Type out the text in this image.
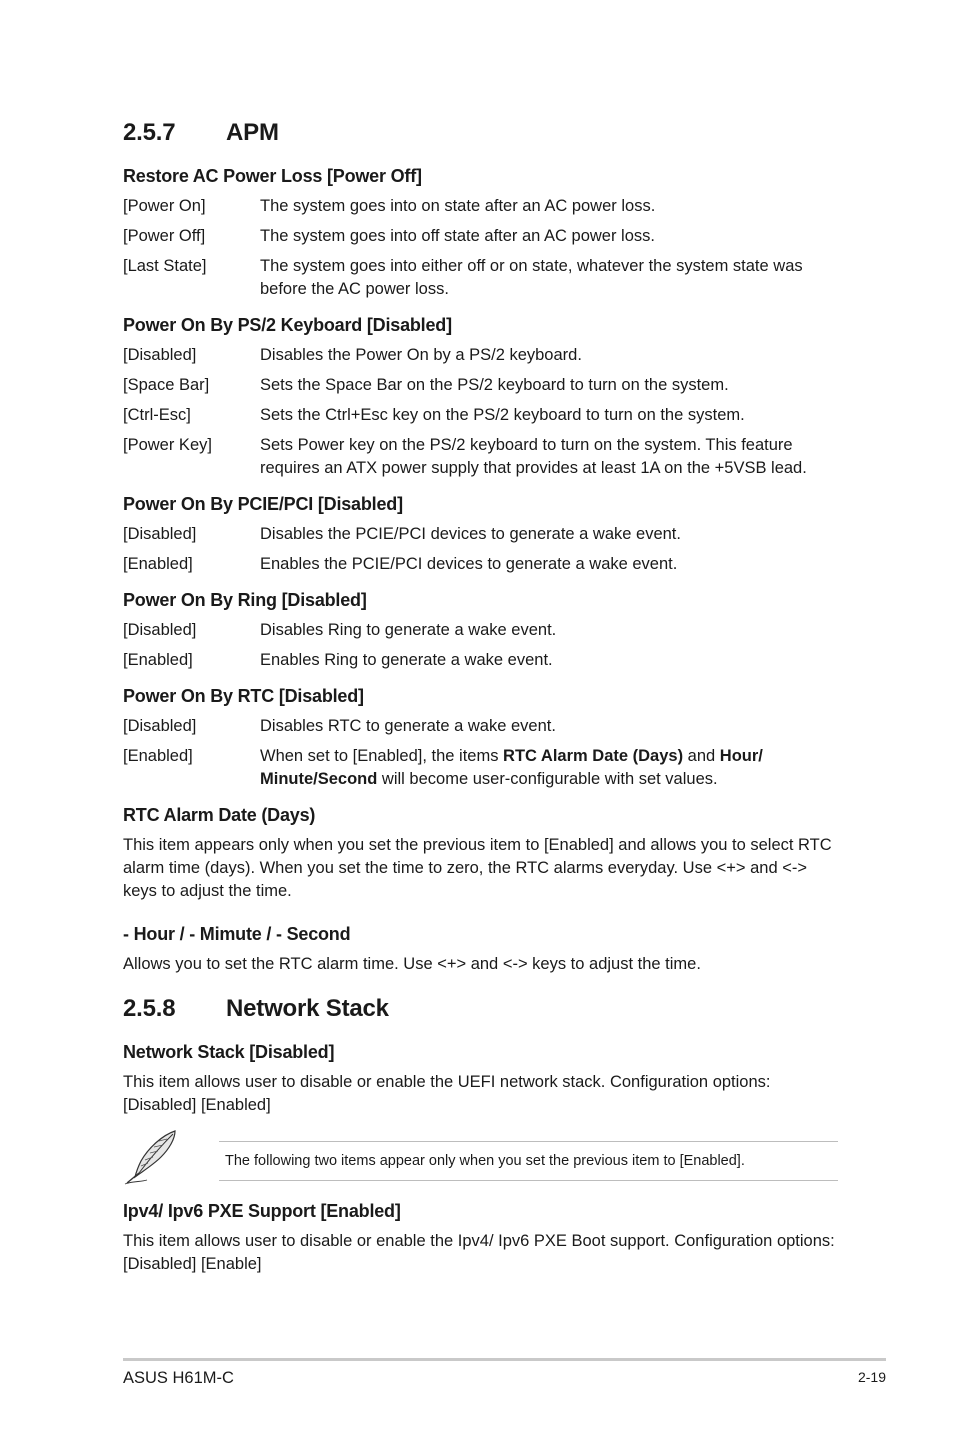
2.5.7 APM
Restore AC Power Loss [Power Off]
[Power On]	The system goes into on state after an AC power loss.
[Power Off]	The system goes into off state after an AC power loss.
[Last State]	The system goes into either off or on state, whatever the system state was before the AC power loss.
Power On By PS/2 Keyboard [Disabled]
[Disabled]	Disables the Power On by a PS/2 keyboard.
[Space Bar]	Sets the Space Bar on the PS/2 keyboard to turn on the system.
[Ctrl-Esc]	Sets the Ctrl+Esc key on the PS/2 keyboard to turn on the system.
[Power Key]	Sets Power key on the PS/2 keyboard to turn on the system. This feature requires an ATX power supply that provides at least 1A on the +5VSB lead.
Power On By PCIE/PCI [Disabled]
[Disabled]	Disables the PCIE/PCI devices to generate a wake event.
[Enabled]	Enables the PCIE/PCI devices to generate a wake event.
Power On By Ring [Disabled]
[Disabled]	Disables Ring to generate a wake event.
[Enabled]	Enables Ring to generate a wake event.
Power On By RTC [Disabled]
[Disabled]	Disables RTC to generate a wake event.
[Enabled]	When set to [Enabled], the items RTC Alarm Date (Days) and Hour/ Minute/Second will become user-configurable with set values.
RTC Alarm Date (Days)

This item appears only when you set the previous item to [Enabled] and allows you to select RTC alarm time (days). When you set the time to zero, the RTC alarms everyday. Use <+> and <-> keys to adjust the time.

- Hour / - Mimute / - Second

Allows you to set the RTC alarm time. Use <+> and <-> keys to adjust the time.

2.5.8 Network Stack
Network Stack [Disabled]

This item allows user to disable or enable the UEFI network stack. Configuration options: [Disabled] [Enabled]

The following two items appear only when you set the previous item to [Enabled].
Ipv4/ Ipv6 PXE Support [Enabled]

This item allows user to disable or enable the Ipv4/ Ipv6 PXE Boot support. Configuration options: [Disabled] [Enable]

ASUS H61M-C	2-19
